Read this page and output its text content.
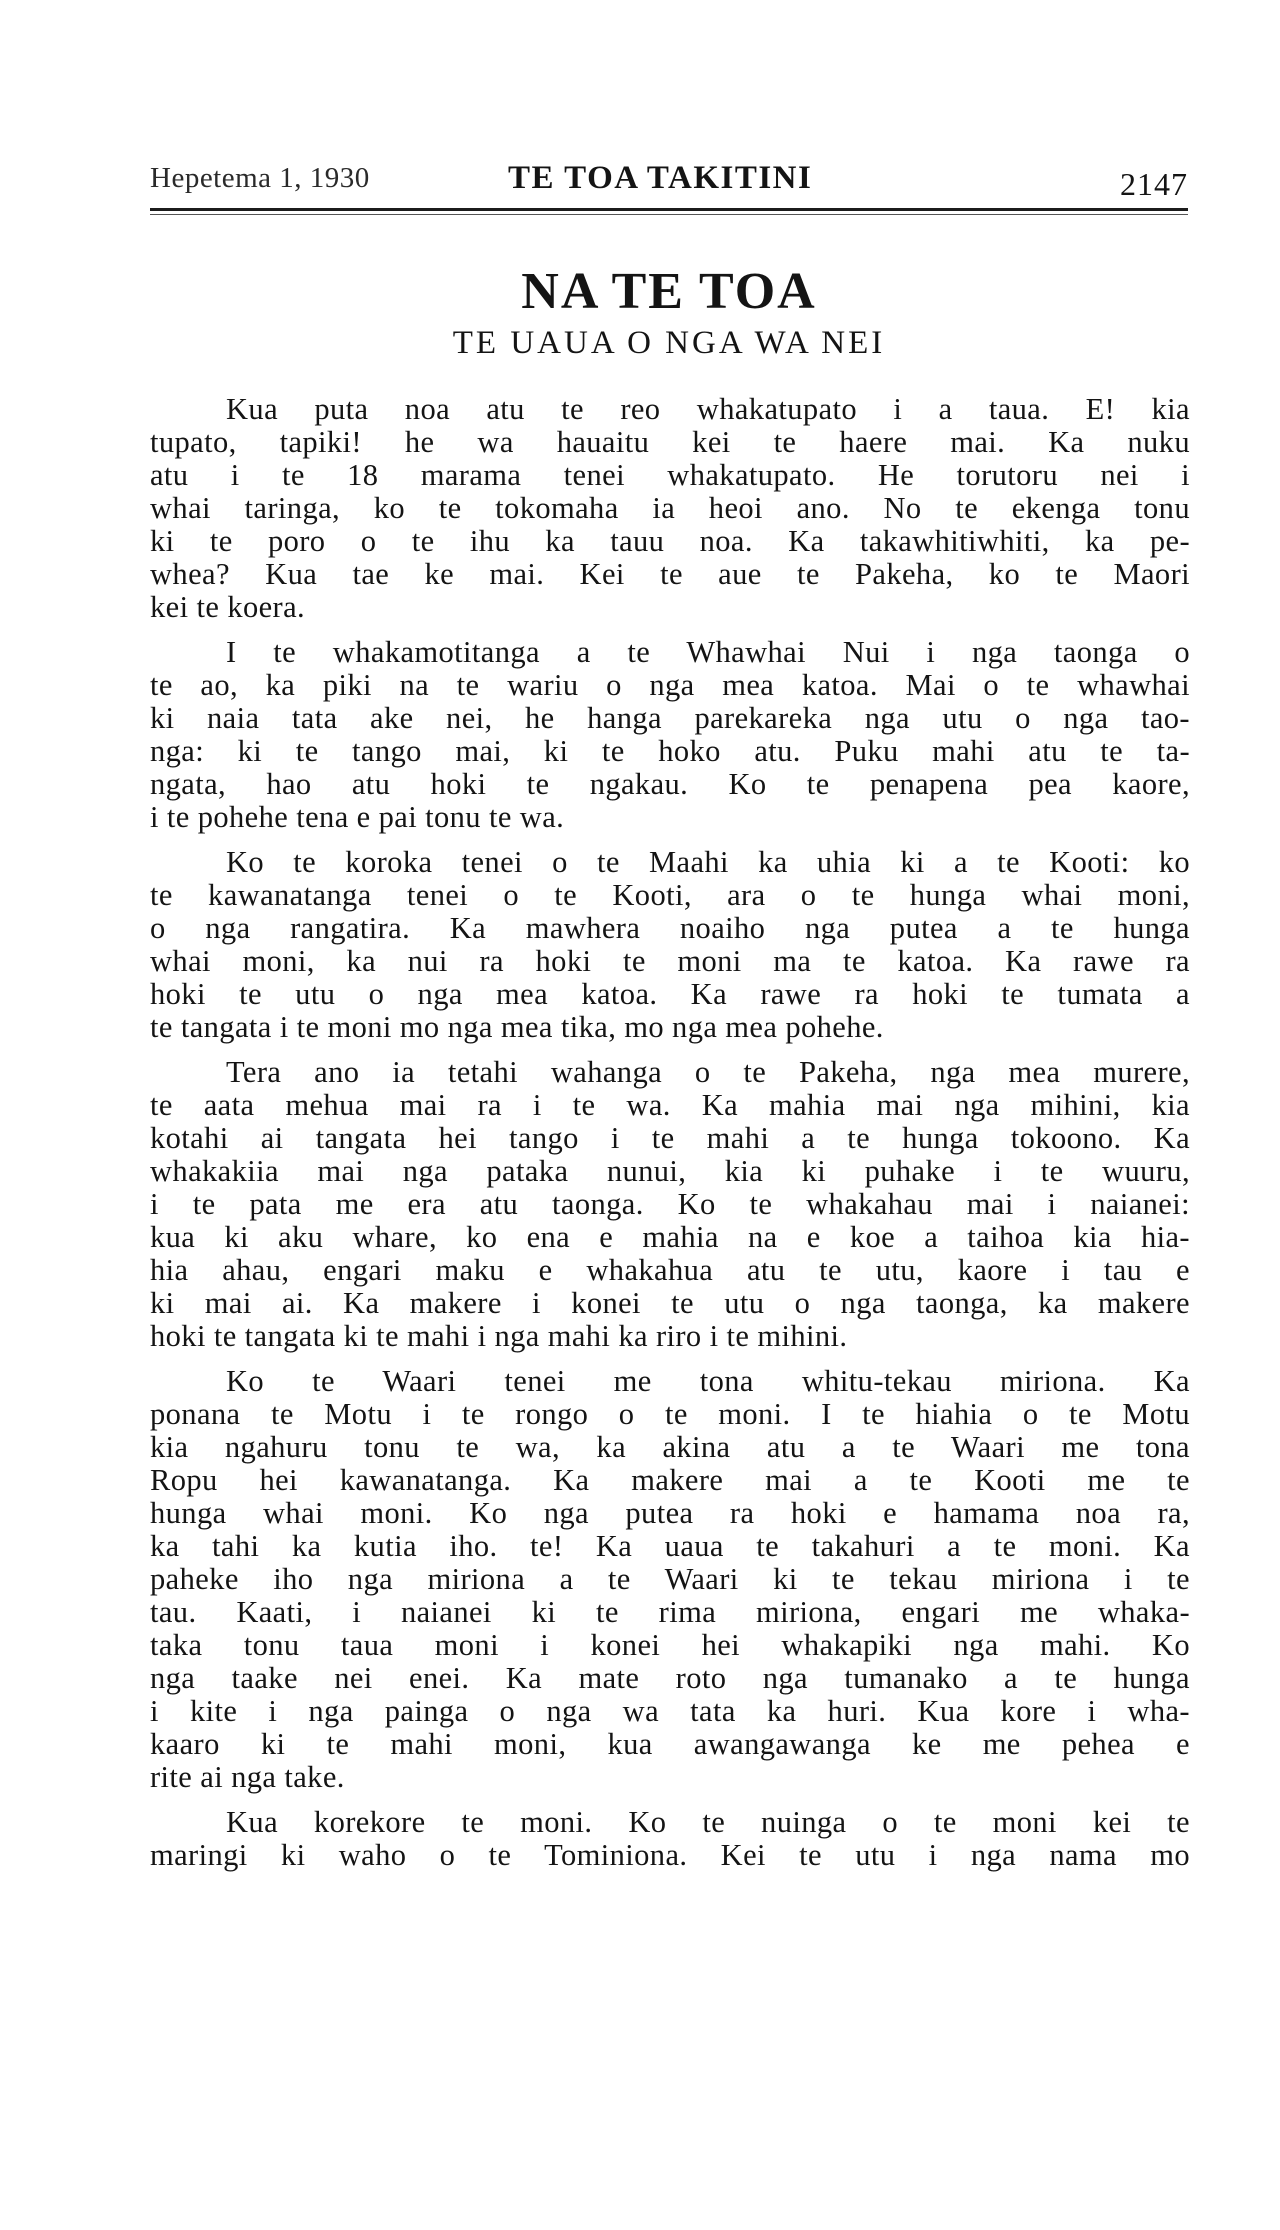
Hepetema 1, 1930	TE TOA TAKITINI	2147
NA TE TOA
TE UAUA O NGA WA NEI
Kua puta noa atu te reo whakatupato i a taua. E! kia
tupato, tapiki! he wa hauaitu kei te haere mai. Ka nuku
atu i te 18 marama tenei whakatupato. He torutoru nei i
whai taringa, ko te tokomaha ia heoi ano. No te ekenga tonu
ki te poro o te ihu ka tauu noa. Ka takawhitiwhiti, ka pe-
whea? Kua tae ke mai. Kei te aue te Pakeha, ko te Maori
kei te koera.
I te whakamotitanga a te Whawhai Nui i nga taonga o
te ao, ka piki na te wariu o nga mea katoa. Mai o te whawhai
ki naia tata ake nei, he hanga parekareka nga utu o nga tao-
nga: ki te tango mai, ki te hoko atu. Puku mahi atu te ta-
ngata, hao atu hoki te ngakau. Ko te penapena pea kaore,
i te pohehe tena e pai tonu te wa.
Ko te koroka tenei o te Maahi ka uhia ki a te Kooti: ko
te kawanatanga tenei o te Kooti, ara o te hunga whai moni,
o nga rangatira. Ka mawhera noaiho nga putea a te hunga
whai moni, ka nui ra hoki te moni ma te katoa. Ka rawe ra
hoki te utu o nga mea katoa. Ka rawe ra hoki te tumata a
te tangata i te moni mo nga mea tika, mo nga mea pohehe.
Tera ano ia tetahi wahanga o te Pakeha, nga mea murere,
te aata mehua mai ra i te wa. Ka mahia mai nga mihini, kia
kotahi ai tangata hei tango i te mahi a te hunga tokoono. Ka
whakakiia mai nga pataka nunui, kia ki puhake i te wuuru,
i te pata me era atu taonga. Ko te whakahau mai i naianei:
kua ki aku whare, ko ena e mahia na e koe a taihoa kia hia-
hia ahau, engari maku e whakahua atu te utu, kaore i tau e
ki mai ai. Ka makere i konei te utu o nga taonga, ka makere
hoki te tangata ki te mahi i nga mahi ka riro i te mihini.
Ko te Waari tenei me tona whitu-tekau miriona. Ka
ponana te Motu i te rongo o te moni. I te hiahia o te Motu
kia ngahuru tonu te wa, ka akina atu a te Waari me tona
Ropu hei kawanatanga. Ka makere mai a te Kooti me te
hunga whai moni. Ko nga putea ra hoki e hamama noa ra,
ka tahi ka kutia iho. te! Ka uaua te takahuri a te moni. Ka
paheke iho nga miriona a te Waari ki te tekau miriona i te
tau. Kaati, i naianei ki te rima miriona, engari me whaka-
taka tonu taua moni i konei hei whakapiki nga mahi. Ko
nga taake nei enei. Ka mate roto nga tumanako a te hunga
i kite i nga painga o nga wa tata ka huri. Kua kore i wha-
kaaro ki te mahi moni, kua awangawanga ke me pehea e
rite ai nga take.
Kua korekore te moni. Ko te nuinga o te moni kei te
maringi ki waho o te Tominiona. Kei te utu i nga nama mo
